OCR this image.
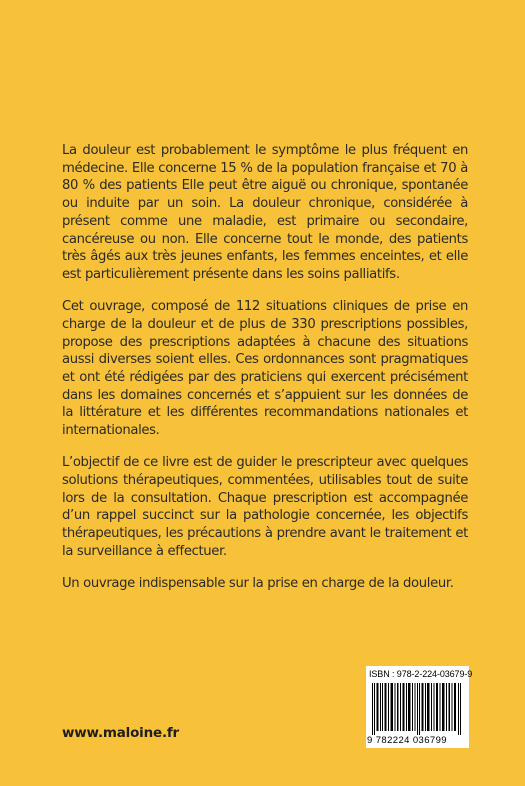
La douleur est probablement le symptôme le plus fréquent en médecine. Elle concerne 15 % de la population française et 70 à 80 % des patients Elle peut être aiguë ou chronique, spontanée ou induite par un soin. La douleur chronique, considérée à présent comme une maladie, est primaire ou secondaire, cancéreuse ou non. Elle concerne tout le monde, des patients très âgés aux très jeunes enfants, les femmes enceintes, et elle est particulièrement présente dans les soins palliatifs.

Cet ouvrage, composé de 112 situations cliniques de prise en charge de la douleur et de plus de 330 prescriptions possibles, propose des prescriptions adaptées à chacune des situations aussi diverses soient elles. Ces ordonnances sont pragmatiques et ont été rédigées par des praticiens qui exercent précisément dans les domaines concernés et s’appuient sur les données de la littérature et les différentes recommandations nationales et internationales.

L’objectif de ce livre est de guider le prescripteur avec quelques solutions thérapeutiques, commentées, utilisables tout de suite lors de la consultation. Chaque prescription est accompagnée d’un rappel succinct sur la pathologie concernée, les objectifs thérapeutiques, les précautions à prendre avant le traitement et la surveillance à effectuer.

Un ouvrage indispensable sur la prise en charge de la douleur.

www.maloine.fr
ISBN : 978-2-224-03679-9
9 782224 036799
